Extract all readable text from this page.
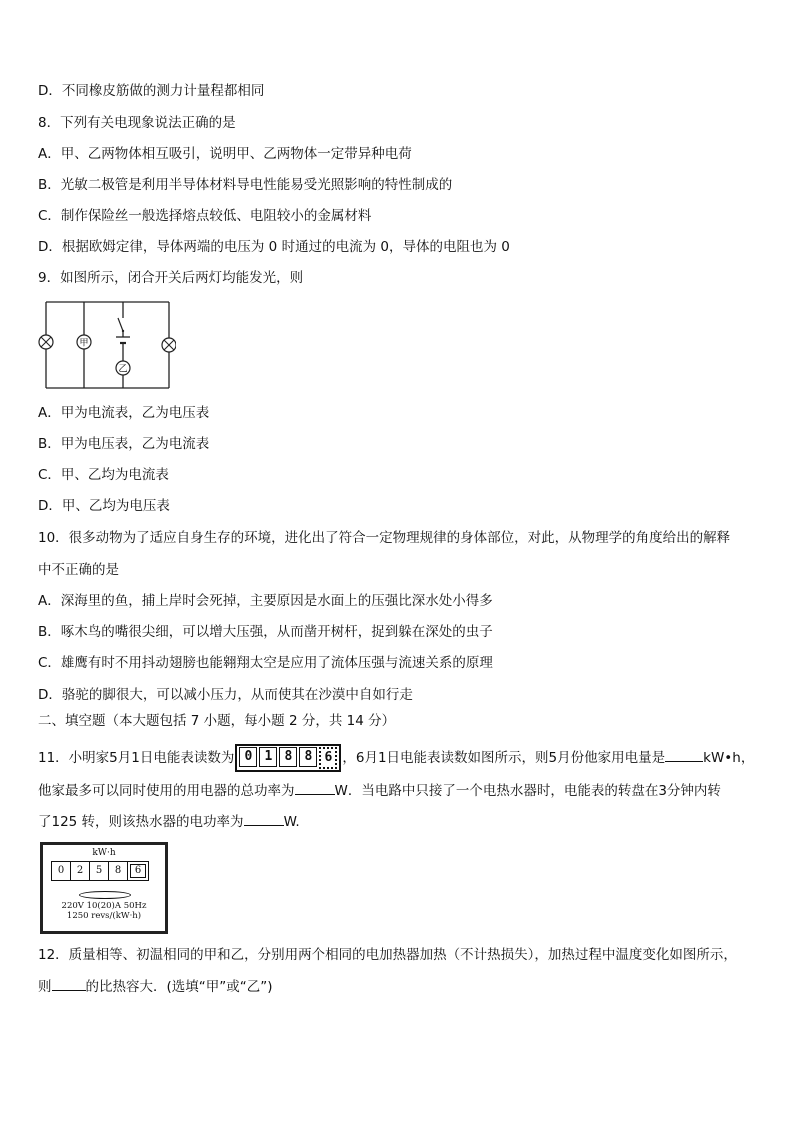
D．不同橡皮筋做的测力计量程都相同
8．下列有关电现象说法正确的是
A．甲、乙两物体相互吸引，说明甲、乙两物体一定带异种电荷
B．光敏二极管是利用半导体材料导电性能易受光照影响的特性制成的
C．制作保险丝一般选择熔点较低、电阻较小的金属材料
D．根据欧姆定律，导体两端的电压为 0 时通过的电流为 0，导体的电阻也为 0
9．如图所示，闭合开关后两灯均能发光，则
甲
乙
A．甲为电流表，乙为电压表
B．甲为电压表，乙为电流表
C．甲、乙均为电流表
D．甲、乙均为电压表
10．很多动物为了适应自身生存的环境，进化出了符合一定物理规律的身体部位，对此，从物理学的角度给出的解释
中不正确的是
A．深海里的鱼，捕上岸时会死掉，主要原因是水面上的压强比深水处小得多
B．啄木鸟的嘴很尖细，可以增大压强，从而凿开树杆，捉到躲在深处的虫子
C．雄鹰有时不用抖动翅膀也能翱翔太空是应用了流体压强与流速关系的原理
D．骆驼的脚很大，可以减小压力，从而使其在沙漠中自如行走
二、填空题（本大题包括 7 小题，每小题 2 分，共 14 分）
11．小明家5月1日电能表读数为 0 1 8 8 6 ，6月1日电能表读数如图所示，则5月份他家用电量是	kW•h，
他家最多可以同时使用的用电器的总功率为	W．当电路中只接了一个电热水器时，电能表的转盘在3分钟内转
了125 转，则该热水器的电功率为	W.
kW·h
0	2	5	8	6
220V 10(20)A 50Hz
1250 revs/(kW·h)
12．质量相等、初温相同的甲和乙，分别用两个相同的电加热器加热（不计热损失），加热过程中温度变化如图所示，
则	的比热容大．(选填“甲”或“乙”)
